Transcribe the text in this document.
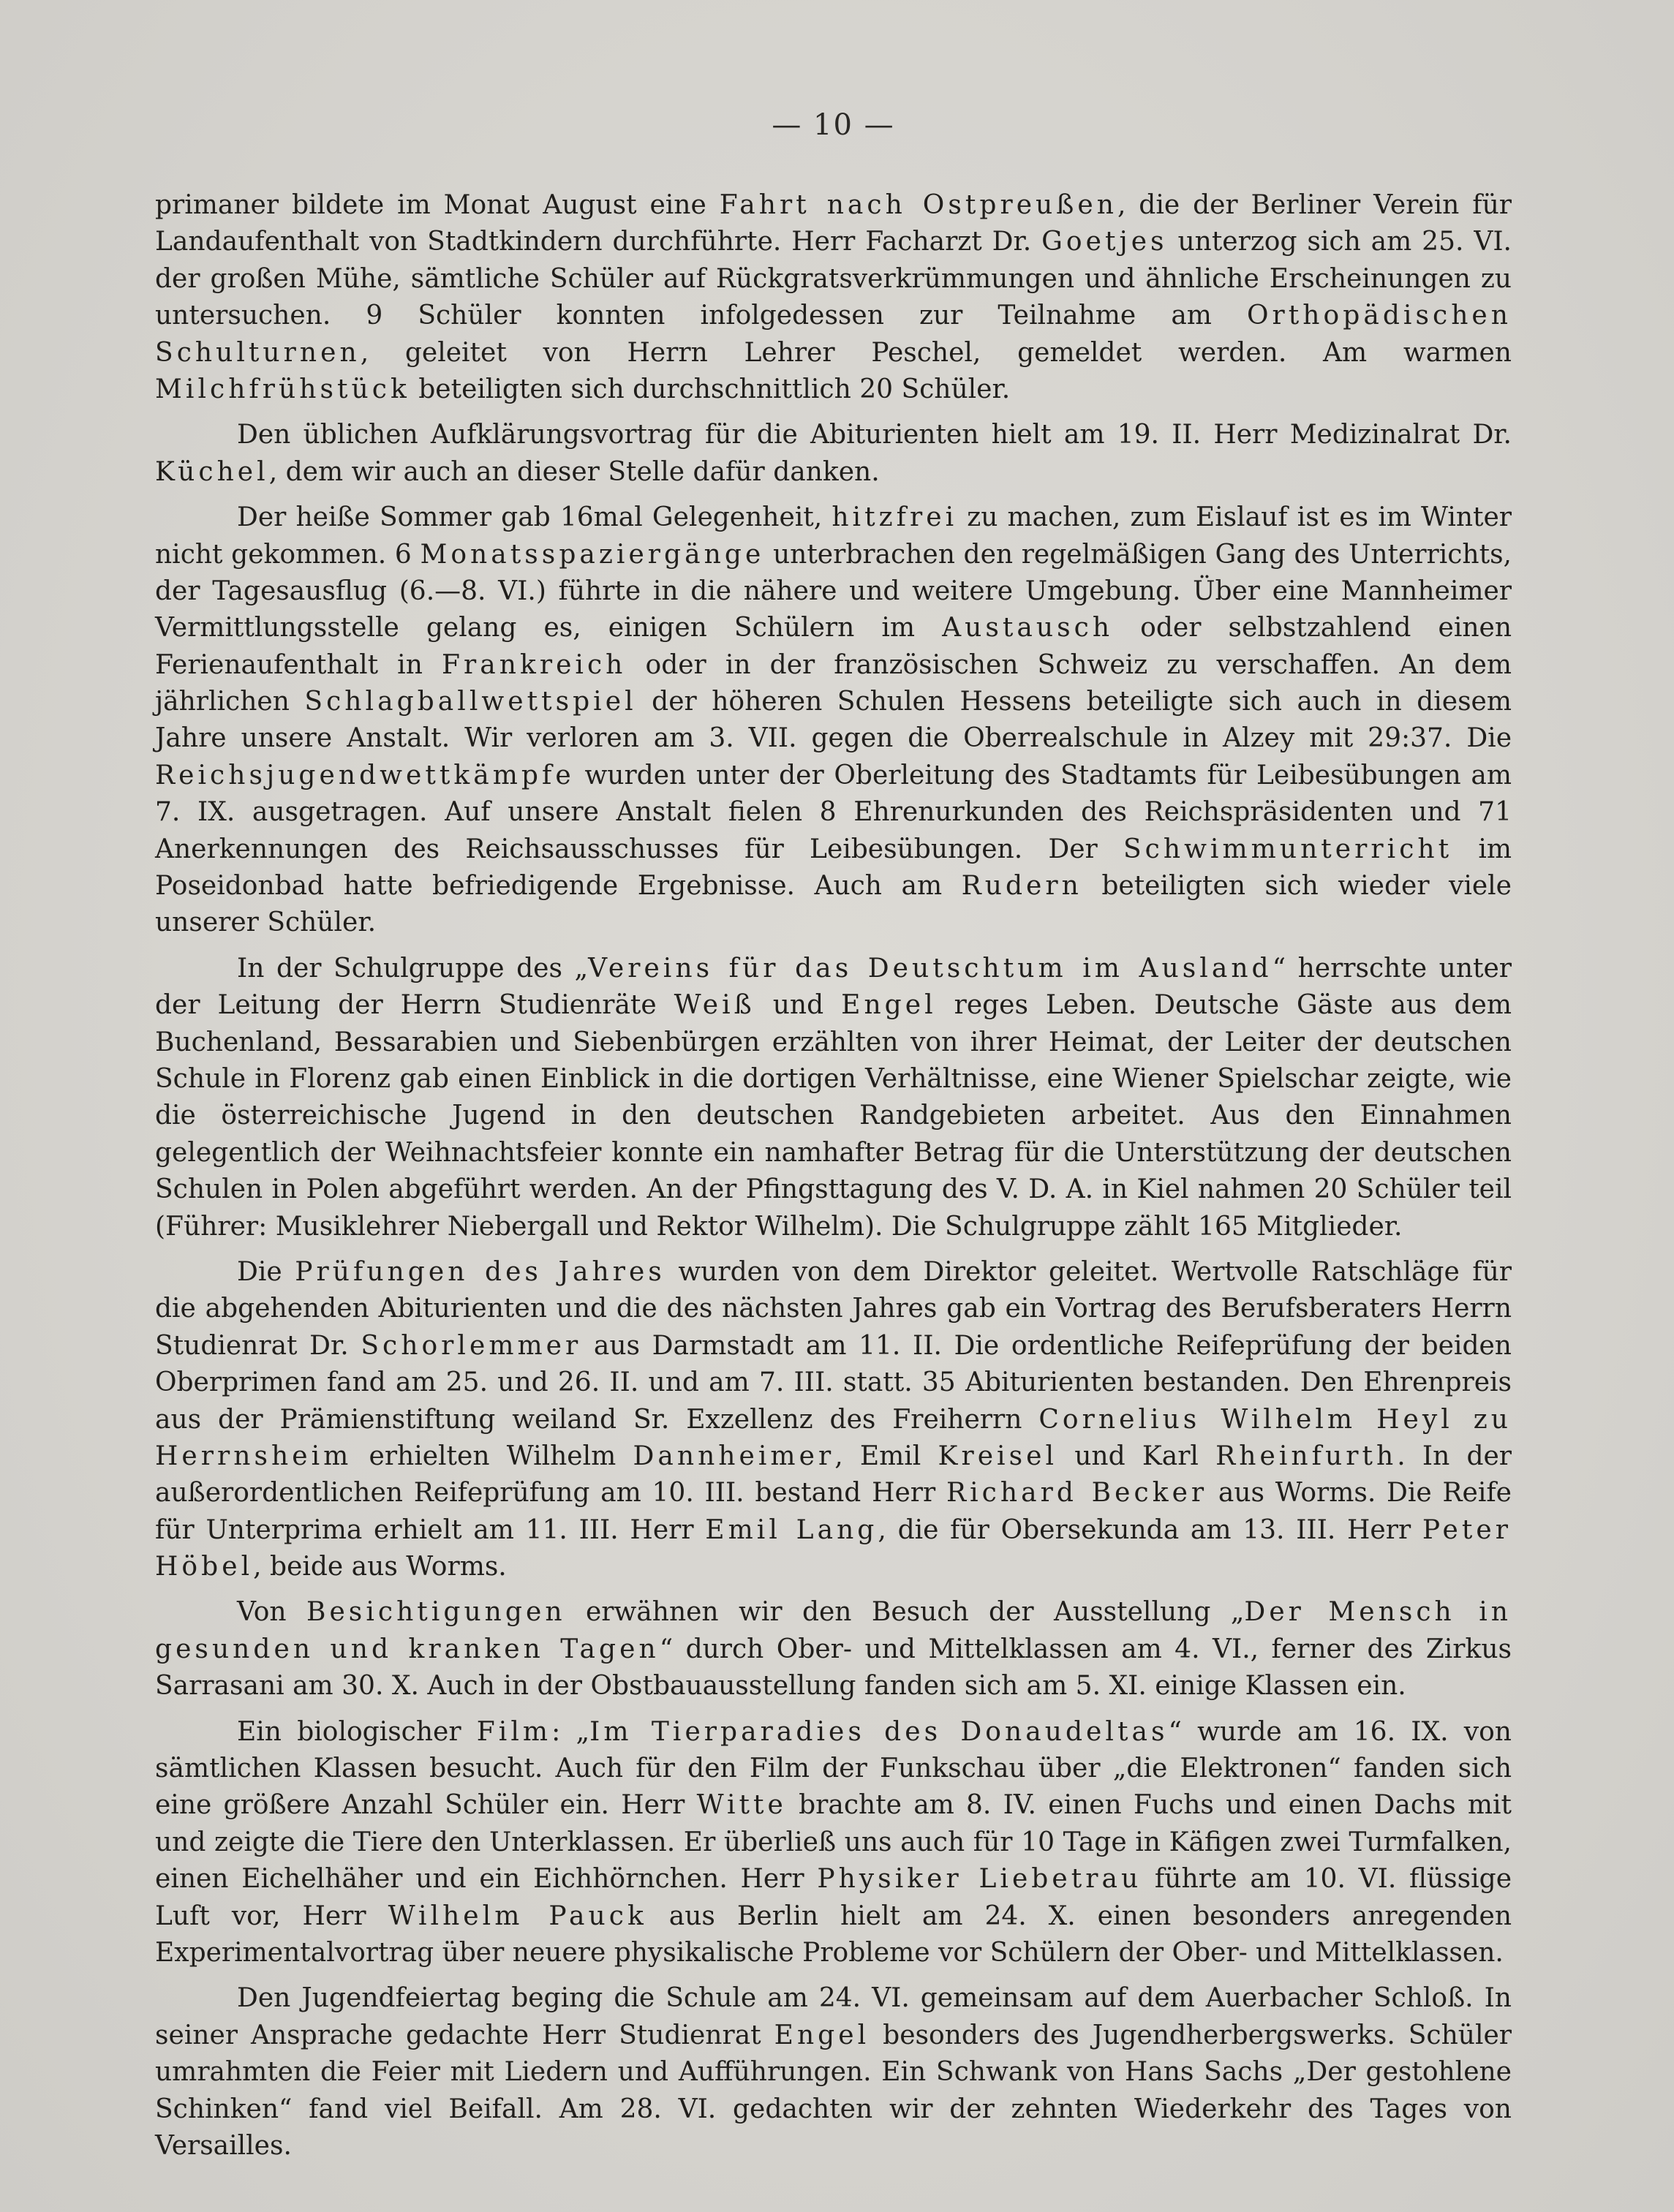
— 10 —

primaner bildete im Monat August eine Fahrt nach Ostpreußen, die der Berliner Verein für Landaufenthalt von Stadtkindern durchführte. Herr Facharzt Dr. Goetjes unterzog sich am 25. VI. der großen Mühe, sämtliche Schüler auf Rückgratsverkrümmungen und ähnliche Erscheinungen zu untersuchen. 9 Schüler konnten infolgedessen zur Teilnahme am Orthopädischen Schulturnen, geleitet von Herrn Lehrer Peschel, gemeldet werden. Am warmen Milchfrühstück beteiligten sich durchschnittlich 20 Schüler.

Den üblichen Aufklärungsvortrag für die Abiturienten hielt am 19. II. Herr Medizinalrat Dr. Küchel, dem wir auch an dieser Stelle dafür danken.

Der heiße Sommer gab 16mal Gelegenheit, hitzfrei zu machen, zum Eislauf ist es im Winter nicht gekommen. 6 Monatsspaziergänge unterbrachen den regelmäßigen Gang des Unterrichts, der Tagesausflug (6.—8. VI.) führte in die nähere und weitere Umgebung. Über eine Mannheimer Vermittlungsstelle gelang es, einigen Schülern im Austausch oder selbstzahlend einen Ferienaufenthalt in Frankreich oder in der französischen Schweiz zu verschaffen. An dem jährlichen Schlagballwettspiel der höheren Schulen Hessens beteiligte sich auch in diesem Jahre unsere Anstalt. Wir verloren am 3. VII. gegen die Oberrealschule in Alzey mit 29:37. Die Reichsjugendwettkämpfe wurden unter der Oberleitung des Stadtamts für Leibesübungen am 7. IX. ausgetragen. Auf unsere Anstalt fielen 8 Ehrenurkunden des Reichspräsidenten und 71 Anerkennungen des Reichsausschusses für Leibesübungen. Der Schwimmunterricht im Poseidonbad hatte befriedigende Ergebnisse. Auch am Rudern beteiligten sich wieder viele unserer Schüler.

In der Schulgruppe des „Vereins für das Deutschtum im Ausland“ herrschte unter der Leitung der Herrn Studienräte Weiß und Engel reges Leben. Deutsche Gäste aus dem Buchenland, Bessarabien und Siebenbürgen erzählten von ihrer Heimat, der Leiter der deutschen Schule in Florenz gab einen Einblick in die dortigen Verhältnisse, eine Wiener Spielschar zeigte, wie die österreichische Jugend in den deutschen Randgebieten arbeitet. Aus den Einnahmen gelegentlich der Weihnachtsfeier konnte ein namhafter Betrag für die Unterstützung der deutschen Schulen in Polen abgeführt werden. An der Pfingsttagung des V. D. A. in Kiel nahmen 20 Schüler teil (Führer: Musiklehrer Niebergall und Rektor Wilhelm). Die Schulgruppe zählt 165 Mitglieder.

Die Prüfungen des Jahres wurden von dem Direktor geleitet. Wertvolle Ratschläge für die abgehenden Abiturienten und die des nächsten Jahres gab ein Vortrag des Berufsberaters Herrn Studienrat Dr. Schorlemmer aus Darmstadt am 11. II. Die ordentliche Reifeprüfung der beiden Oberprimen fand am 25. und 26. II. und am 7. III. statt. 35 Abiturienten bestanden. Den Ehrenpreis aus der Prämienstiftung weiland Sr. Exzellenz des Freiherrn Cornelius Wilhelm Heyl zu Herrnsheim erhielten Wilhelm Dannheimer, Emil Kreisel und Karl Rheinfurth. In der außerordentlichen Reifeprüfung am 10. III. bestand Herr Richard Becker aus Worms. Die Reife für Unterprima erhielt am 11. III. Herr Emil Lang, die für Obersekunda am 13. III. Herr Peter Höbel, beide aus Worms.

Von Besichtigungen erwähnen wir den Besuch der Ausstellung „Der Mensch in gesunden und kranken Tagen“ durch Ober- und Mittelklassen am 4. VI., ferner des Zirkus Sarrasani am 30. X. Auch in der Obstbauausstellung fanden sich am 5. XI. einige Klassen ein.

Ein biologischer Film: „Im Tierparadies des Donaudeltas“ wurde am 16. IX. von sämtlichen Klassen besucht. Auch für den Film der Funkschau über „die Elektronen“ fanden sich eine größere Anzahl Schüler ein. Herr Witte brachte am 8. IV. einen Fuchs und einen Dachs mit und zeigte die Tiere den Unterklassen. Er überließ uns auch für 10 Tage in Käfigen zwei Turmfalken, einen Eichelhäher und ein Eichhörnchen. Herr Physiker Liebetrau führte am 10. VI. flüssige Luft vor, Herr Wilhelm Pauck aus Berlin hielt am 24. X. einen besonders anregenden Experimentalvortrag über neuere physikalische Probleme vor Schülern der Ober- und Mittelklassen.

Den Jugendfeiertag beging die Schule am 24. VI. gemeinsam auf dem Auerbacher Schloß. In seiner Ansprache gedachte Herr Studienrat Engel besonders des Jugendherbergswerks. Schüler umrahmten die Feier mit Liedern und Aufführungen. Ein Schwank von Hans Sachs „Der gestohlene Schinken“ fand viel Beifall. Am 28. VI. gedachten wir der zehnten Wiederkehr des Tages von Versailles.
